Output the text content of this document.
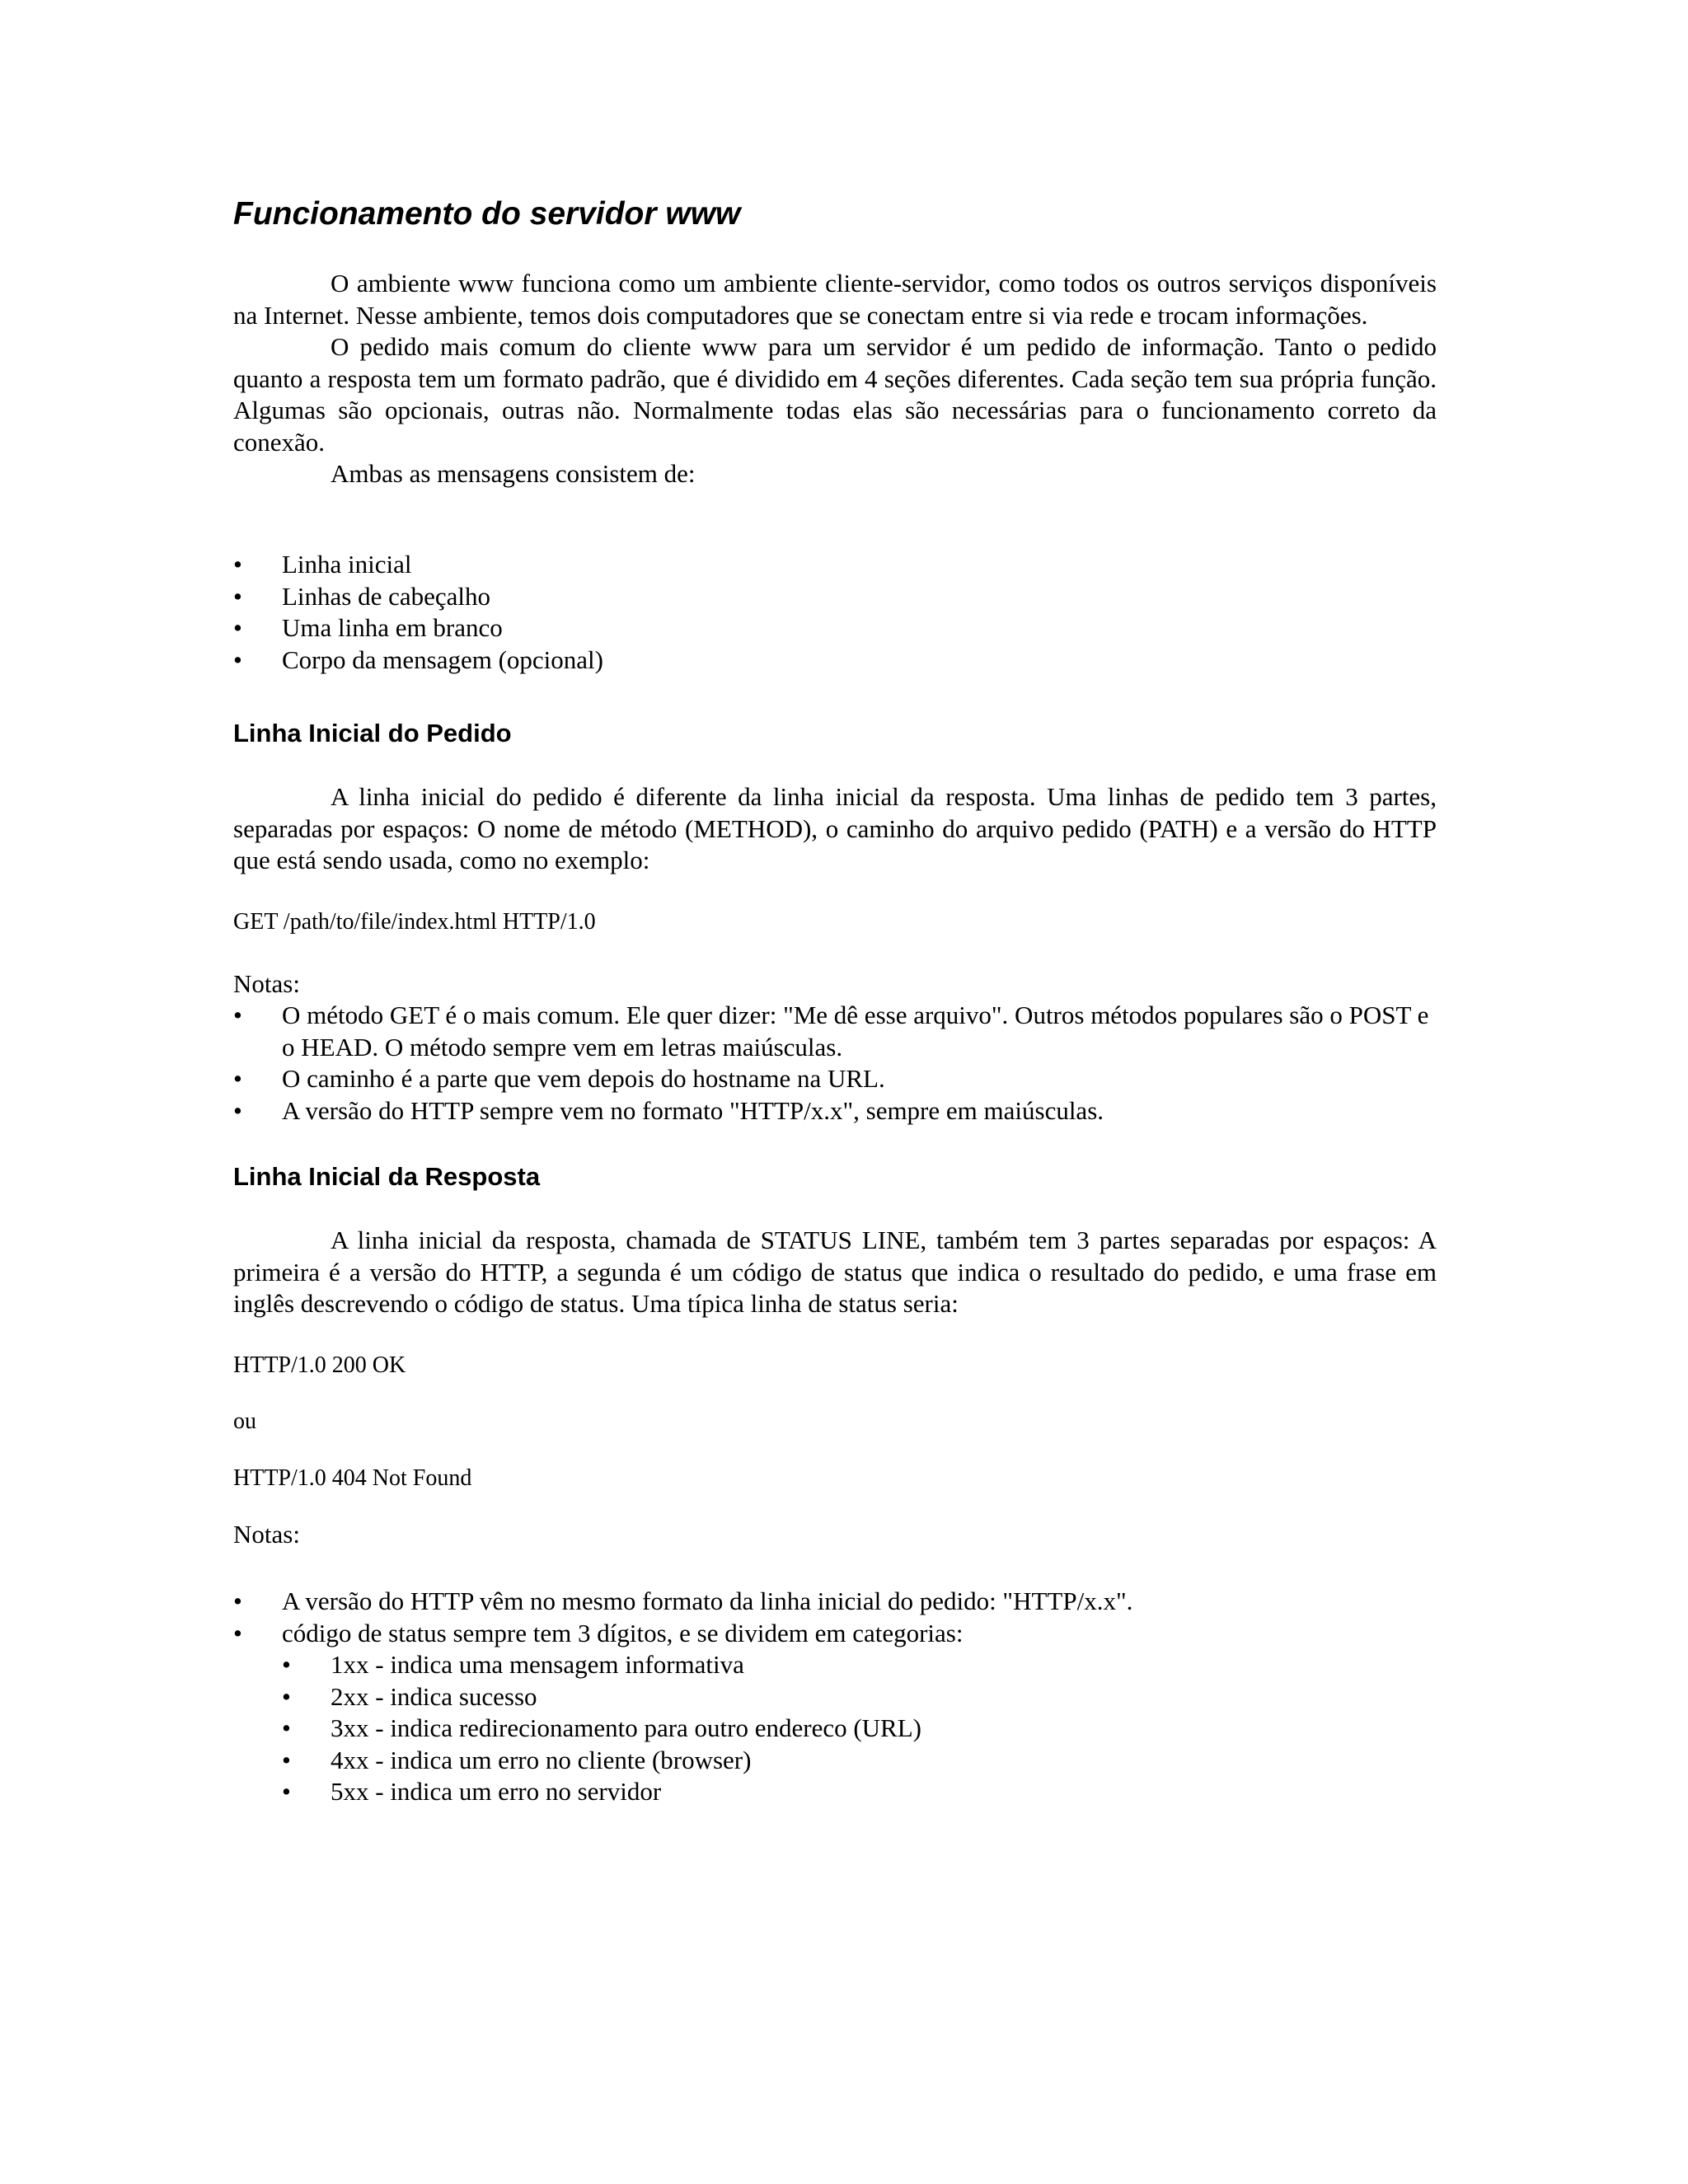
Funcionamento do servidor www

O ambiente www funciona como um ambiente cliente-servidor, como todos os outros serviços disponíveis na Internet. Nesse ambiente, temos dois computadores que se conectam entre si via rede e trocam informações.

O pedido mais comum do cliente www para um servidor é um pedido de informação. Tanto o pedido quanto a resposta tem um formato padrão, que é dividido em 4 seções diferentes. Cada seção tem sua própria função. Algumas são opcionais, outras não. Normalmente todas elas são necessárias para o funcionamento correto da conexão.

Ambas as mensagens consistem de:

• Linha inicial
• Linhas de cabeçalho
• Uma linha em branco
• Corpo da mensagem (opcional)
Linha Inicial do Pedido

A linha inicial do pedido é diferente da linha inicial da resposta. Uma linhas de pedido tem 3 partes, separadas por espaços: O nome de método (METHOD), o caminho do arquivo pedido (PATH) e a versão do HTTP que está sendo usada, como no exemplo:

GET /path/to/file/index.html HTTP/1.0

Notas:

• O método GET é o mais comum. Ele quer dizer: "Me dê esse arquivo". Outros métodos populares são o POST e o HEAD. O método sempre vem em letras maiúsculas.
• O caminho é a parte que vem depois do hostname na URL.
• A versão do HTTP sempre vem no formato "HTTP/x.x", sempre em maiúsculas.
Linha Inicial da Resposta

A linha inicial da resposta, chamada de STATUS LINE, também tem 3 partes separadas por espaços: A primeira é a versão do HTTP, a segunda é um código de status que indica o resultado do pedido, e uma frase em inglês descrevendo o código de status. Uma típica linha de status seria:

HTTP/1.0 200 OK

ou

HTTP/1.0 404 Not Found

Notas:

• A versão do HTTP vêm no mesmo formato da linha inicial do pedido: "HTTP/x.x".
• código de status sempre tem 3 dígitos, e se dividem em categorias:
• 1xx - indica uma mensagem informativa
• 2xx - indica sucesso
• 3xx - indica redirecionamento para outro endereco (URL)
• 4xx - indica um erro no cliente (browser)
• 5xx - indica um erro no servidor
